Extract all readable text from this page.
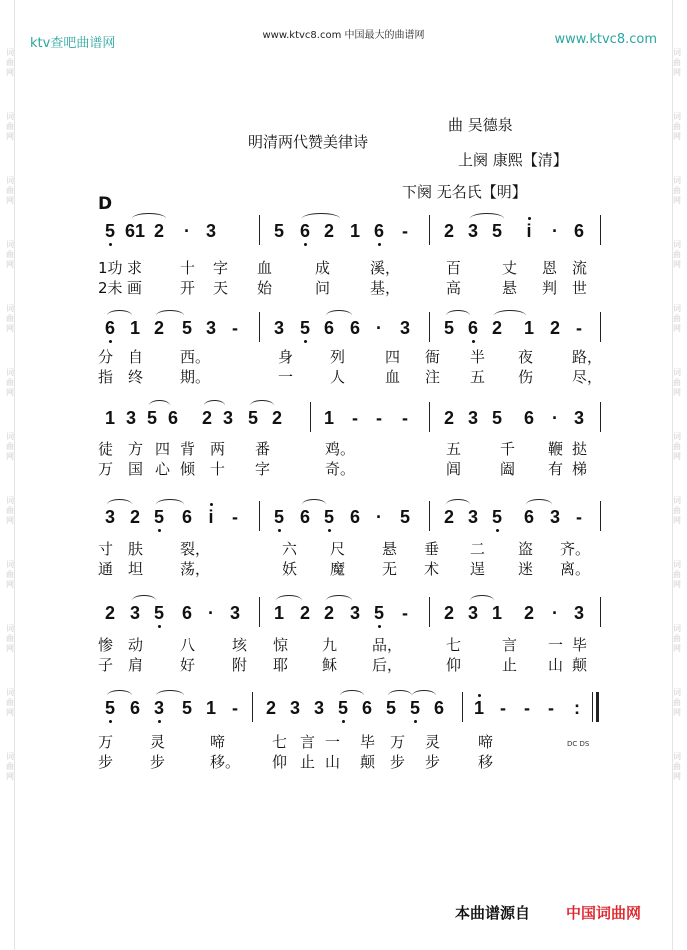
词
曲
网
词
曲
网
词
曲
网
词
曲
网
词
曲
网
词
曲
网
词
曲
网
词
曲
网
词
曲
网
词
曲
网
词
曲
网
词
曲
网
词
曲
网
词
曲
网
词
曲
网
词
曲
网
词
曲
网
词
曲
网
词
曲
网
词
曲
网
词
曲
网
词
曲
网
词
曲
网
词
曲
网
ktv查吧曲谱网
www.ktvc8.com 中国最大的曲谱网	www.ktvc8.com
曲 吴德泉
明清两代赞美律诗
上阕 康熙【清】
下阕 无名氏【明】
D
5 61 2	· 3	5 6 2 1 6	-	2 3 5	i	· 6
1功 求	十 字 血	成	溪，	百	丈 恩 流
2未 画	开 天 始	问	基，	高	悬 判 世
6 1 2 5 3 -	3 5 6 6 · 3	5 6 2	1 2 -
分 自 西。	身 列	四 衙 半 夜	路，
指 终 期。	一 人	血 注 五 伤	尽，
1 3 5 6	2 3 5 2	1	-	-	-	2 3 5	6	· 3
徒 方 四 背 两 番	鸡。	五	千 鞭 挞
万 国 心 倾 十 字	奇。	阊	阖 有 梯
3 2 5 6 i	-	5 6 5 6 · 5	2 3 5	6 3 -
寸 肤 裂，	六 尺 悬 垂 二 盗 齐。
通 坦 荡，	妖 魔 无 术 逞 迷 离。
2 3 5 6 · 3	1 2 2 3 5	-	2 3 1	2	· 3
惨 动 八 垓 惊 九 品，	七	言 一 毕
子 肩 好 附 耶 稣 后，	仰	止 山 颠
5 6 3 5 1 -	2 3 3 5 6 5 5 6	1 -	-	-	:
万 灵	啼	七 言 一 毕 万 灵	啼
步 步	移。 仰 止 山 颠 步 步	移
DC DS
本曲谱源自 中国词曲网
